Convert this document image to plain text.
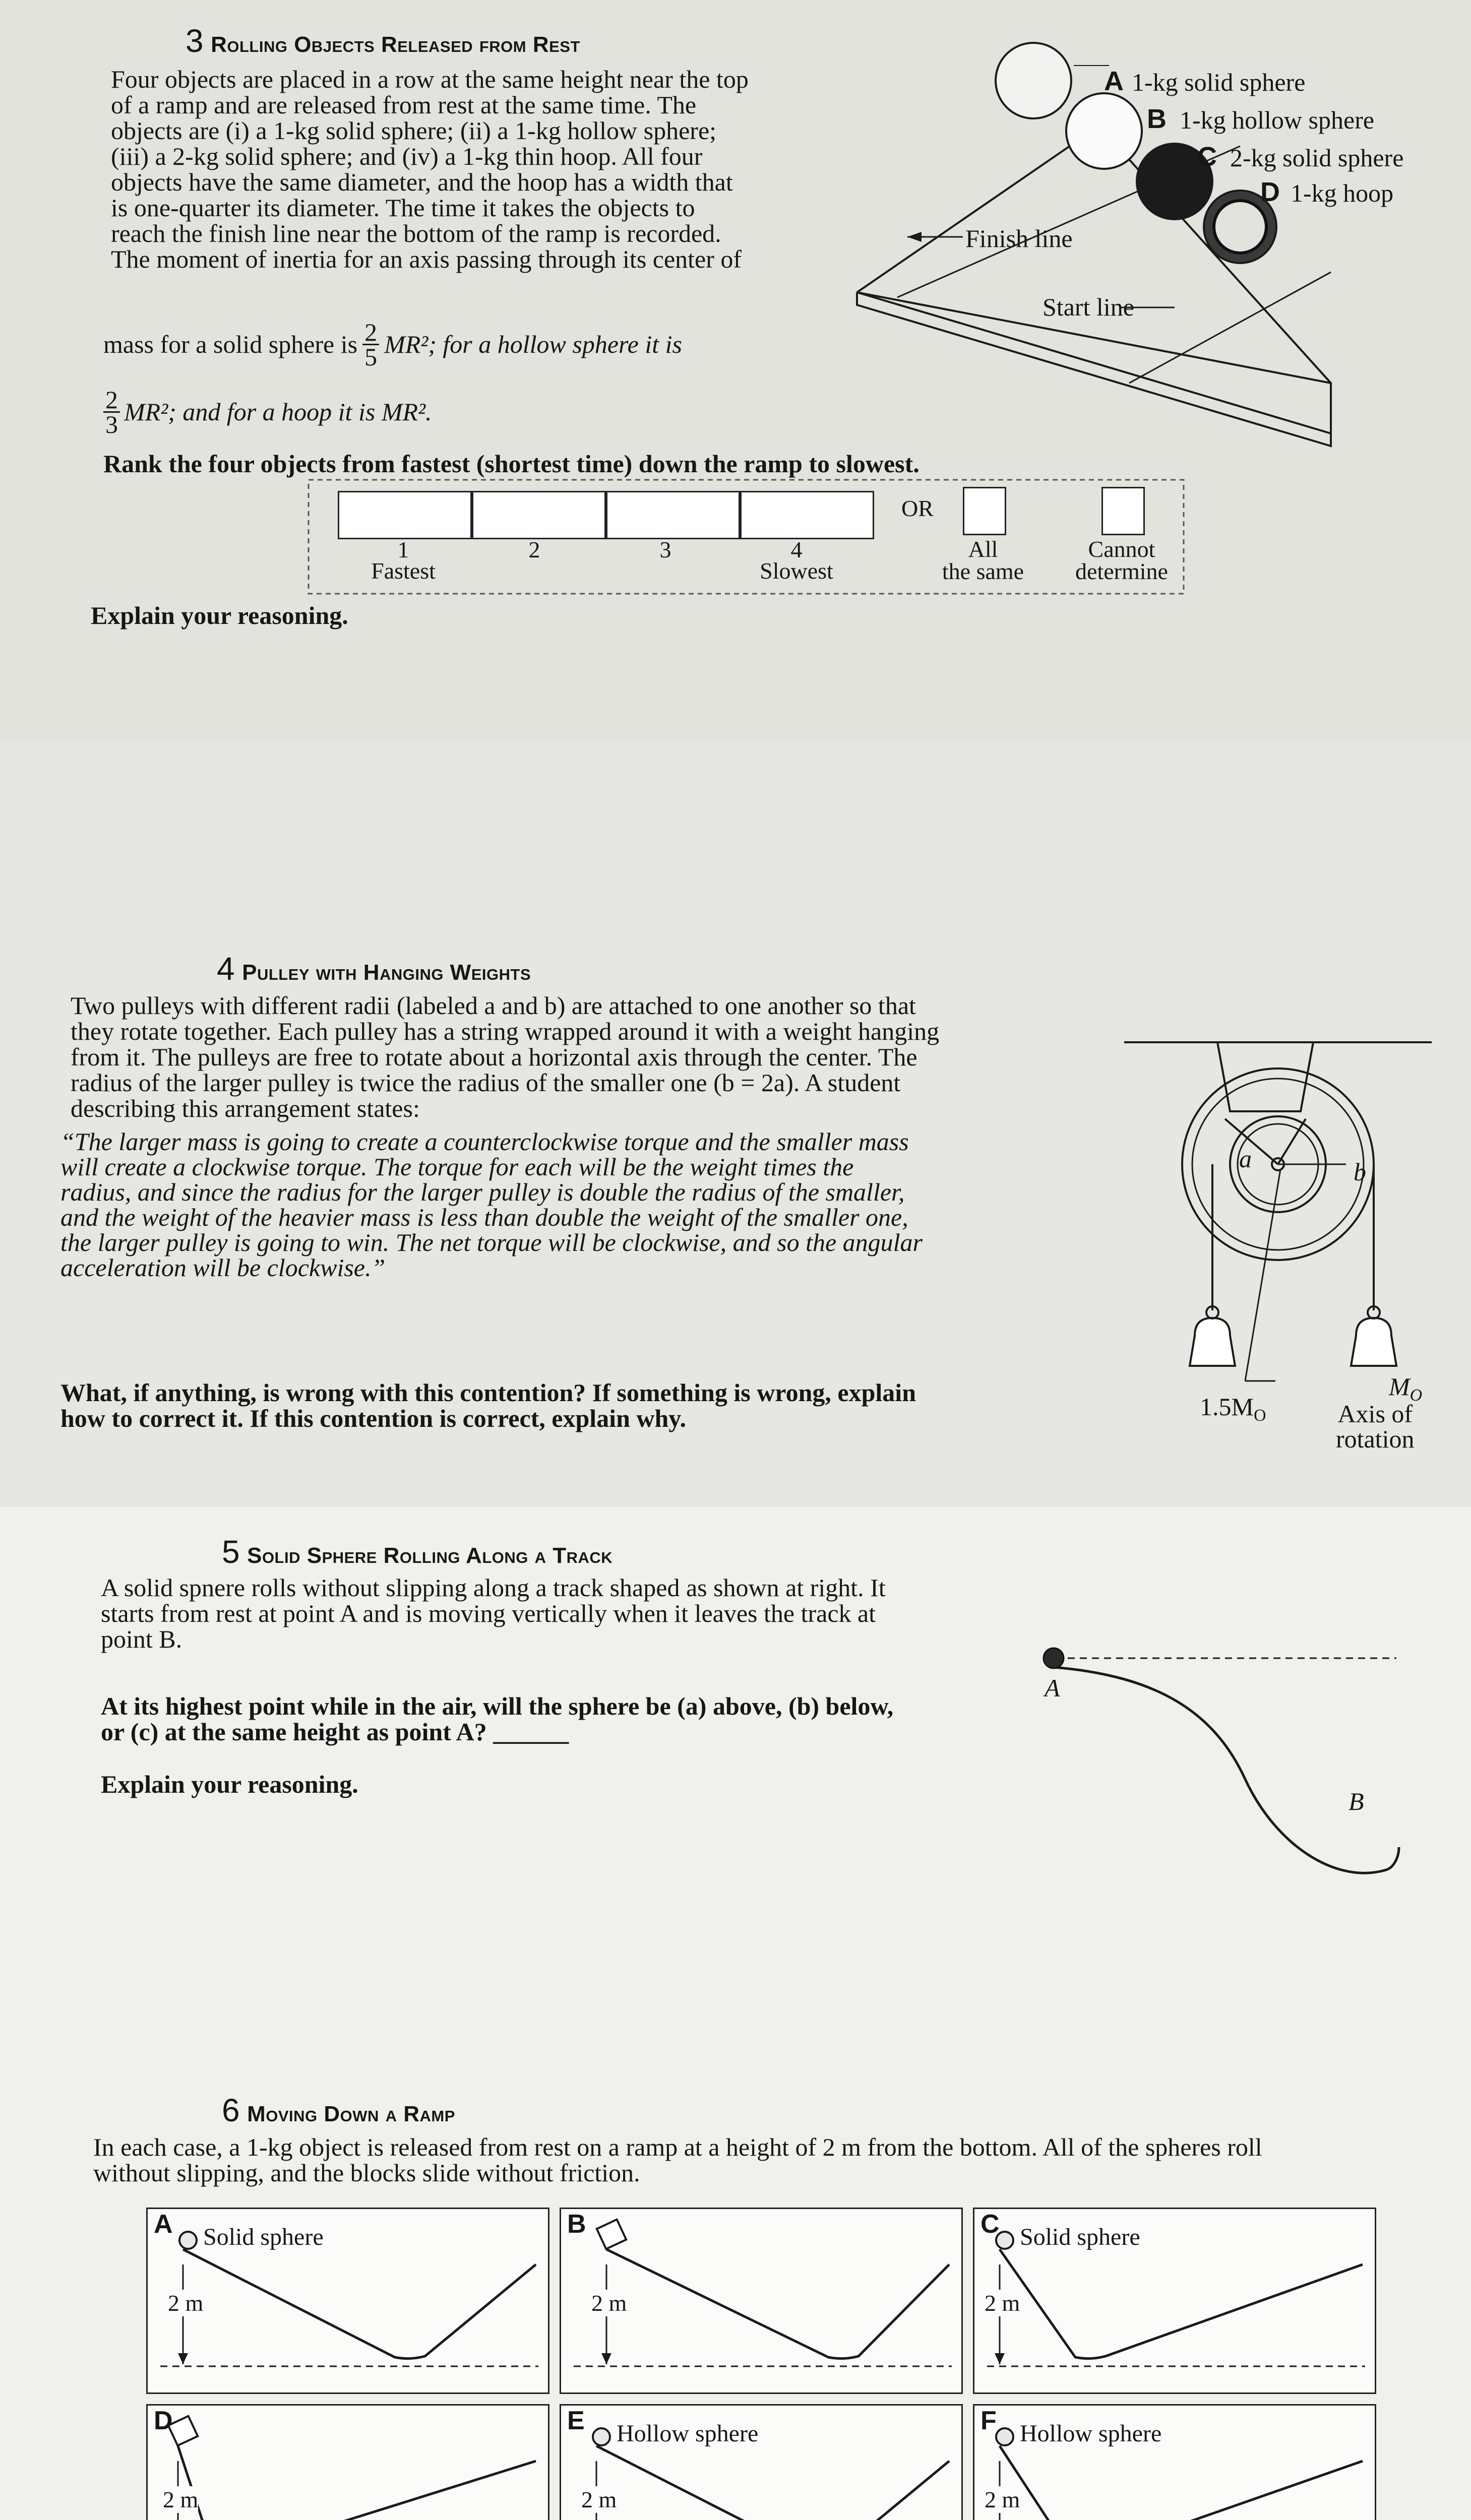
3 Rolling Objects Released from Rest
Four objects are placed in a row at the same height near the top
of a ramp and are released from rest at the same time. The
objects are (i) a 1-kg solid sphere; (ii) a 1-kg hollow sphere;
(iii) a 2-kg solid sphere; and (iv) a 1-kg thin hoop. All four
objects have the same diameter, and the hoop has a width that
is one-quarter its diameter. The time it takes the objects to
reach the finish line near the bottom of the ramp is recorded.
The moment of inertia for an axis passing through its center of
mass for a solid sphere is 2
5 MR²; for a hollow sphere it is
2
3 MR²; and for a hoop it is MR².
Rank the four objects from fastest (shortest time) down the ramp to slowest.
1	2	3	4
Fastest	Slowest
OR
All
the same
Cannot
determine
Explain your reasoning.
A 1-kg solid sphere
B 1-kg hollow sphere
C 2-kg solid sphere
D 1-kg hoop
Finish line
Start line
4 Pulley with Hanging Weights
Two pulleys with different radii (labeled a and b) are attached to one another so that
they rotate together. Each pulley has a string wrapped around it with a weight hanging
from it. The pulleys are free to rotate about a horizontal axis through the center. The
radius of the larger pulley is twice the radius of the smaller one (b = 2a). A student
describing this arrangement states:
“The larger mass is going to create a counterclockwise torque and the smaller mass
will create a clockwise torque. The torque for each will be the weight times the
radius, and since the radius for the larger pulley is double the radius of the smaller,
and the weight of the heavier mass is less than double the weight of the smaller one,
the larger pulley is going to win. The net torque will be clockwise, and so the angular
acceleration will be clockwise.”
What, if anything, is wrong with this contention? If something is wrong, explain
how to correct it. If this contention is correct, explain why.
a	b
$1.5M_O$
$M_O$
Axis of
rotation
5 Solid Sphere Rolling Along a Track
A solid spnere rolls without slipping along a track shaped as shown at right. It
starts from rest at point A and is moving vertically when it leaves the track at
point B.
At its highest point while in the air, will the sphere be (a) above, (b) below,
or (c) at the same height as point A? ______
Explain your reasoning.
A
B
6 Moving Down a Ramp
In each case, a 1-kg object is released from rest on a ramp at a height of 2 m from the bottom. All of the spheres roll
without slipping, and the blocks slide without friction.
A Solid sphere
2 m
B
2 m
C Solid sphere
2 m
D
2 m
E Hollow sphere
2 m
F Hollow sphere
2 m
